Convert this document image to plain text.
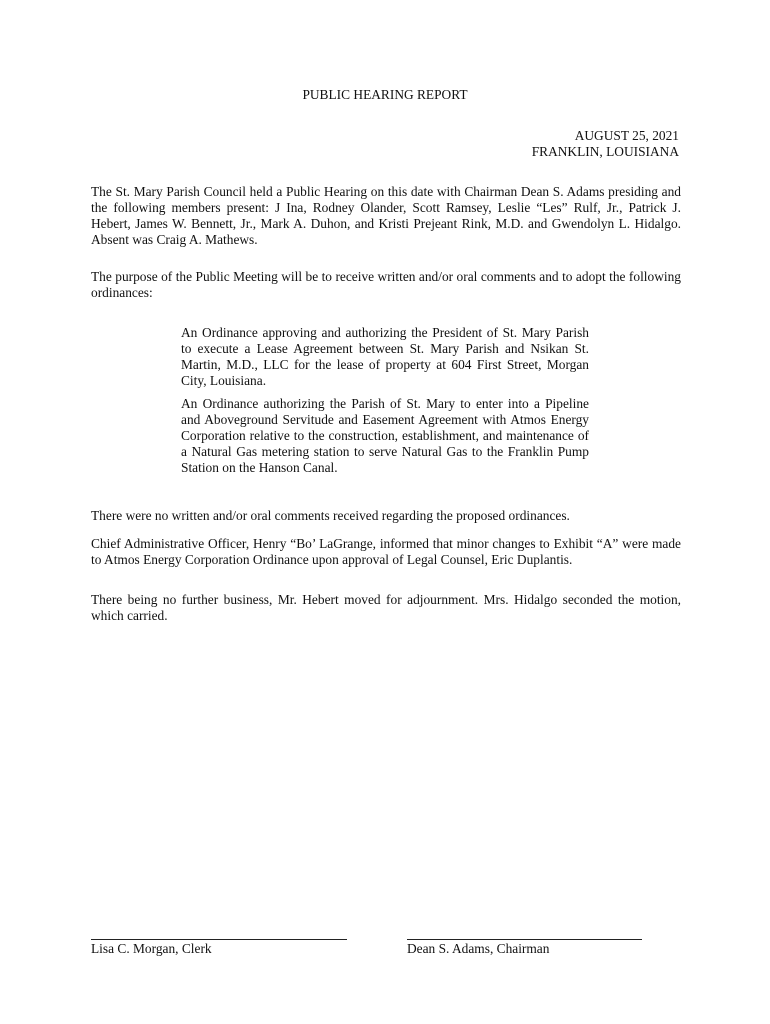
PUBLIC HEARING REPORT
AUGUST 25, 2021
FRANKLIN, LOUISIANA
The St. Mary Parish Council held a Public Hearing on this date with Chairman Dean S. Adams presiding and the following members present: J Ina, Rodney Olander, Scott Ramsey, Leslie “Les” Rulf, Jr., Patrick J. Hebert, James W. Bennett, Jr., Mark A. Duhon, and Kristi Prejeant Rink, M.D. and Gwendolyn L. Hidalgo. Absent was Craig A. Mathews.
The purpose of the Public Meeting will be to receive written and/or oral comments and to adopt the following ordinances:
An Ordinance approving and authorizing the President of St. Mary Parish to execute a Lease Agreement between St. Mary Parish and Nsikan St. Martin, M.D., LLC for the lease of property at 604 First Street, Morgan City, Louisiana.
An Ordinance authorizing the Parish of St. Mary to enter into a Pipeline and Aboveground Servitude and Easement Agreement with Atmos Energy Corporation relative to the construction, establishment, and maintenance of a Natural Gas metering station to serve Natural Gas to the Franklin Pump Station on the Hanson Canal.
There were no written and/or oral comments received regarding the proposed ordinances.
Chief Administrative Officer, Henry “Bo’ LaGrange, informed that minor changes to Exhibit “A” were made to Atmos Energy Corporation Ordinance upon approval of Legal Counsel, Eric Duplantis.
There being no further business, Mr. Hebert moved for adjournment. Mrs. Hidalgo seconded the motion, which carried.
Lisa C. Morgan, Clerk	Dean S. Adams, Chairman
